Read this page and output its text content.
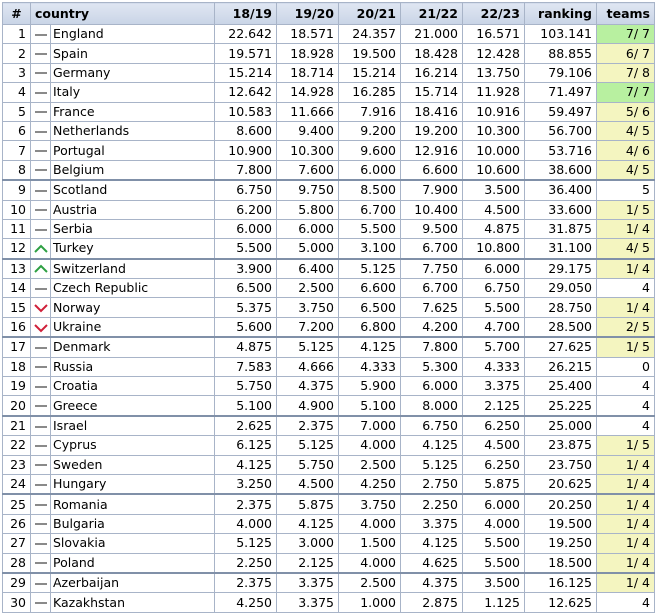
#	country		18/19	19/20	20/21	21/22	22/23	ranking	teams
1		England	22.642	18.571	24.357	21.000	16.571	103.141	7/ 7
2		Spain	19.571	18.928	19.500	18.428	12.428	88.855	6/ 7
3		Germany	15.214	18.714	15.214	16.214	13.750	79.106	7/ 8
4		Italy	12.642	14.928	16.285	15.714	11.928	71.497	7/ 7
5		France	10.583	11.666	7.916	18.416	10.916	59.497	5/ 6
6		Netherlands	8.600	9.400	9.200	19.200	10.300	56.700	4/ 5
7		Portugal	10.900	10.300	9.600	12.916	10.000	53.716	4/ 6
8		Belgium	7.800	7.600	6.000	6.600	10.600	38.600	4/ 5
9		Scotland	6.750	9.750	8.500	7.900	3.500	36.400	5
10		Austria	6.200	5.800	6.700	10.400	4.500	33.600	1/ 5
11		Serbia	6.000	6.000	5.500	9.500	4.875	31.875	1/ 4
12		Turkey	5.500	5.000	3.100	6.700	10.800	31.100	4/ 5
13		Switzerland	3.900	6.400	5.125	7.750	6.000	29.175	1/ 4
14		Czech Republic	6.500	2.500	6.600	6.700	6.750	29.050	4
15		Norway	5.375	3.750	6.500	7.625	5.500	28.750	1/ 4
16		Ukraine	5.600	7.200	6.800	4.200	4.700	28.500	2/ 5
17		Denmark	4.875	5.125	4.125	7.800	5.700	27.625	1/ 5
18		Russia	7.583	4.666	4.333	5.300	4.333	26.215	0
19		Croatia	5.750	4.375	5.900	6.000	3.375	25.400	4
20		Greece	5.100	4.900	5.100	8.000	2.125	25.225	4
21		Israel	2.625	2.375	7.000	6.750	6.250	25.000	4
22		Cyprus	6.125	5.125	4.000	4.125	4.500	23.875	1/ 5
23		Sweden	4.125	5.750	2.500	5.125	6.250	23.750	1/ 4
24		Hungary	3.250	4.500	4.250	2.750	5.875	20.625	1/ 4
25		Romania	2.375	5.875	3.750	2.250	6.000	20.250	1/ 4
26		Bulgaria	4.000	4.125	4.000	3.375	4.000	19.500	1/ 4
27		Slovakia	5.125	3.000	1.500	4.125	5.500	19.250	1/ 4
28		Poland	2.250	2.125	4.000	4.625	5.500	18.500	1/ 4
29		Azerbaijan	2.375	3.375	2.500	4.375	3.500	16.125	1/ 4
30		Kazakhstan	4.250	3.375	1.000	2.875	1.125	12.625	4
